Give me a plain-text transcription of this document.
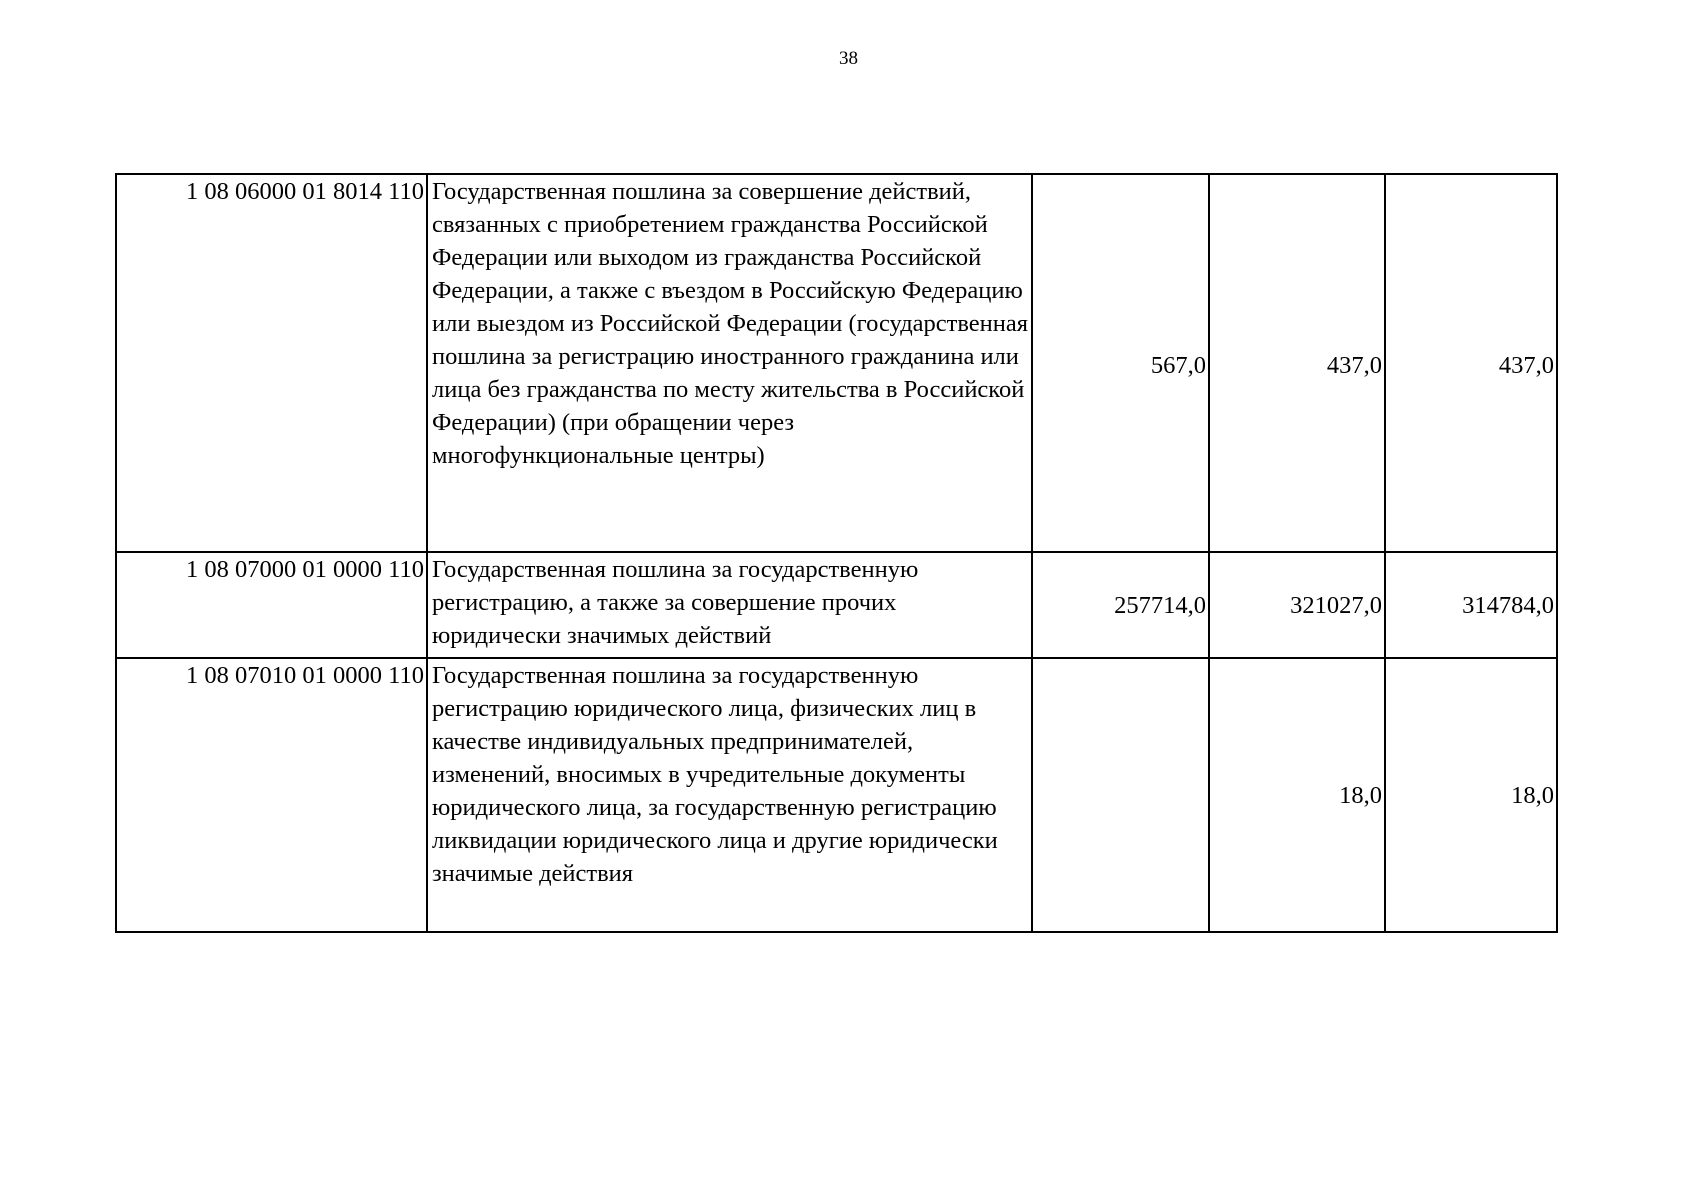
38
1 08 06000 01 8014 110	Государственная пошлина за совершение действий, связанных с приобретением гражданства Российской Федерации или выходом из гражданства Российской Федерации, а также с въездом в Российскую Федерацию или выездом из Российской Федерации (государственная пошлина за регистрацию иностранного гражданина или лица без гражданства по месту жительства в Российской Федерации) (при обращении через многофункциональные центры)	567,0	437,0	437,0
1 08 07000 01 0000 110	Государственная пошлина за государственную регистрацию, а также за совершение прочих юридически значимых действий	257714,0	321027,0	314784,0
1 08 07010 01 0000 110	Государственная пошлина за государственную регистрацию юридического лица, физических лиц в качестве индивидуальных предпринимателей, изменений, вносимых в учредительные документы юридического лица, за государственную регистрацию ликвидации юридического лица и другие юридически значимые действия		18,0	18,0
